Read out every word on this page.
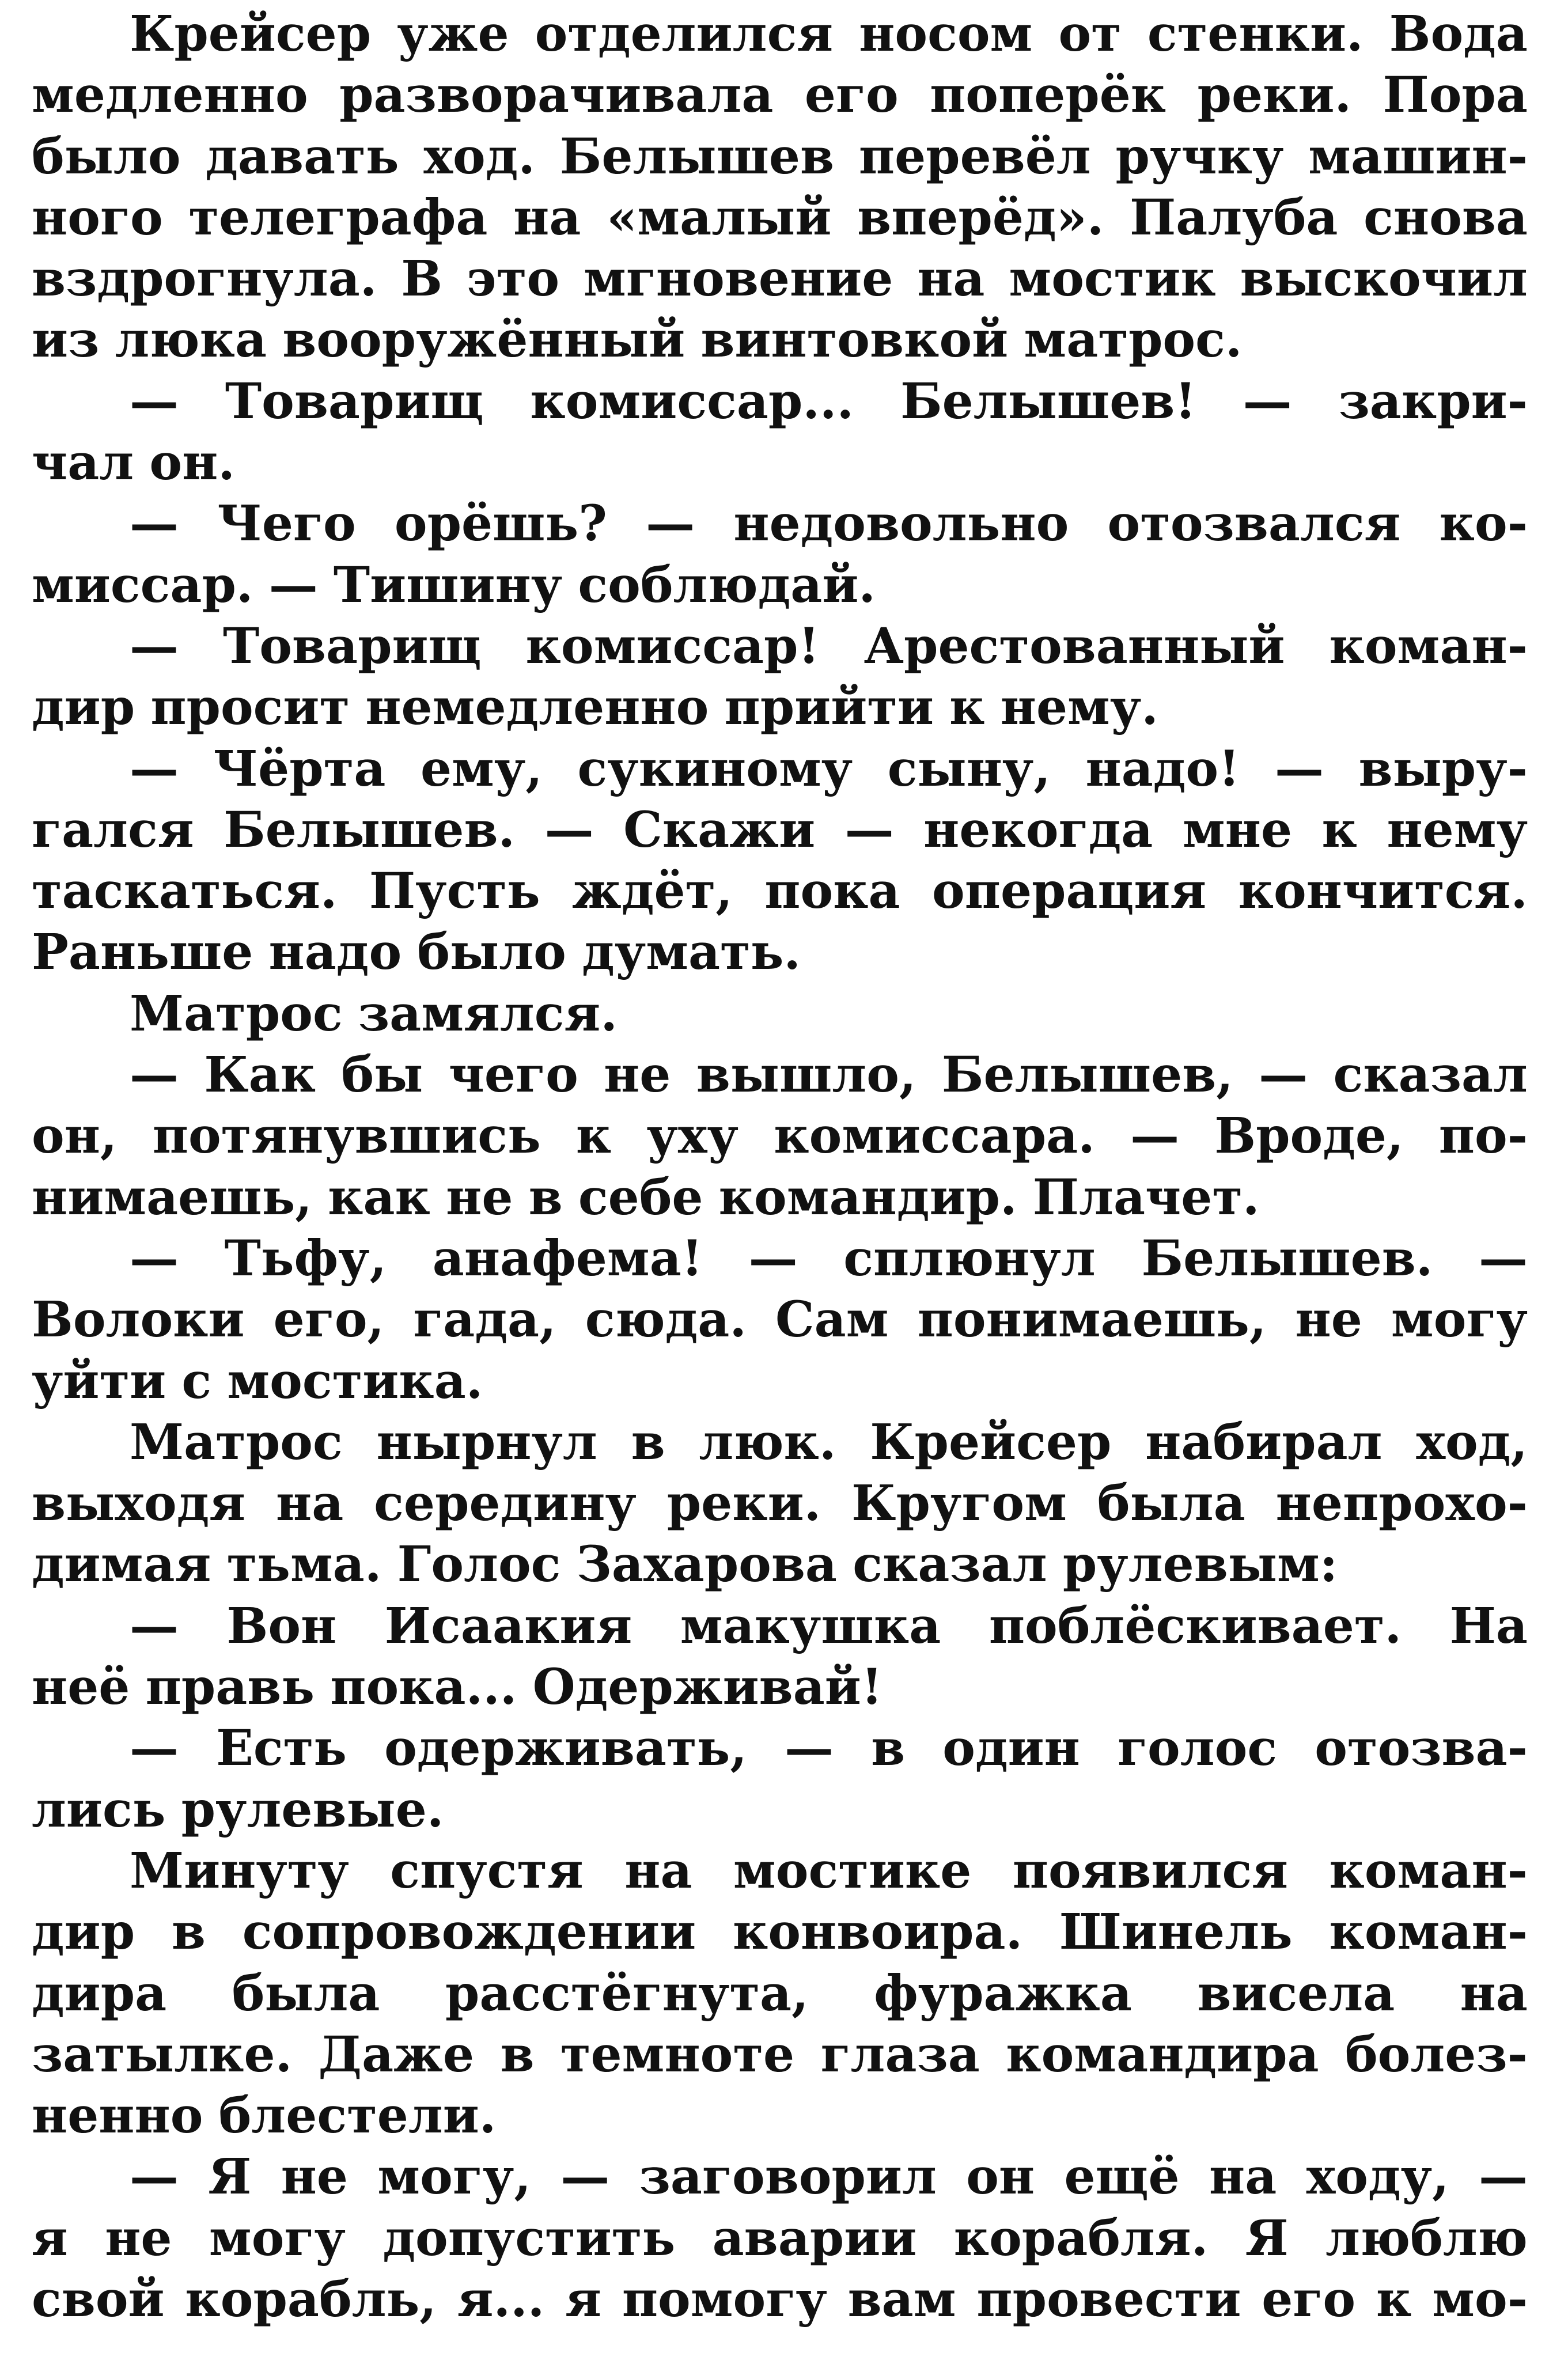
Крейсер уже отделился носом от стенки. Вода
медленно разворачивала его поперёк реки. Пора
было давать ход. Белышев перевёл ручку машин-
ного телеграфа на «малый вперёд». Палуба снова
вздрогнула. В это мгновение на мостик выскочил
из люка вооружённый винтовкой матрос.
— Товарищ комиссар... Белышев! — закри-
чал он.
— Чего орёшь? — недовольно отозвался ко-
миссар. — Тишину соблюдай.
— Товарищ комиссар! Арестованный коман-
дир просит немедленно прийти к нему.
— Чёрта ему, сукиному сыну, надо! — выру-
гался Белышев. — Скажи — некогда мне к нему
таскаться. Пусть ждёт, пока операция кончится.
Раньше надо было думать.
Матрос замялся.
— Как бы чего не вышло, Белышев, — сказал
он, потянувшись к уху комиссара. — Вроде, по-
нимаешь, как не в себе командир. Плачет.
— Тьфу, анафема! — сплюнул Белышев. —
Волоки его, гада, сюда. Сам понимаешь, не могу
уйти с мостика.
Матрос нырнул в люк. Крейсер набирал ход,
выходя на середину реки. Кругом была непрохо-
димая тьма. Голос Захарова сказал рулевым:
— Вон Исаакия макушка поблёскивает. На
неё правь пока... Одерживай!
— Есть одерживать, — в один голос отозва-
лись рулевые.
Минуту спустя на мостике появился коман-
дир в сопровождении конвоира. Шинель коман-
дира была расстёгнута, фуражка висела на
затылке. Даже в темноте глаза командира болез-
ненно блестели.
— Я не могу, — заговорил он ещё на ходу, —
я не могу допустить аварии корабля. Я люблю
свой корабль, я... я помогу вам провести его к мо-
